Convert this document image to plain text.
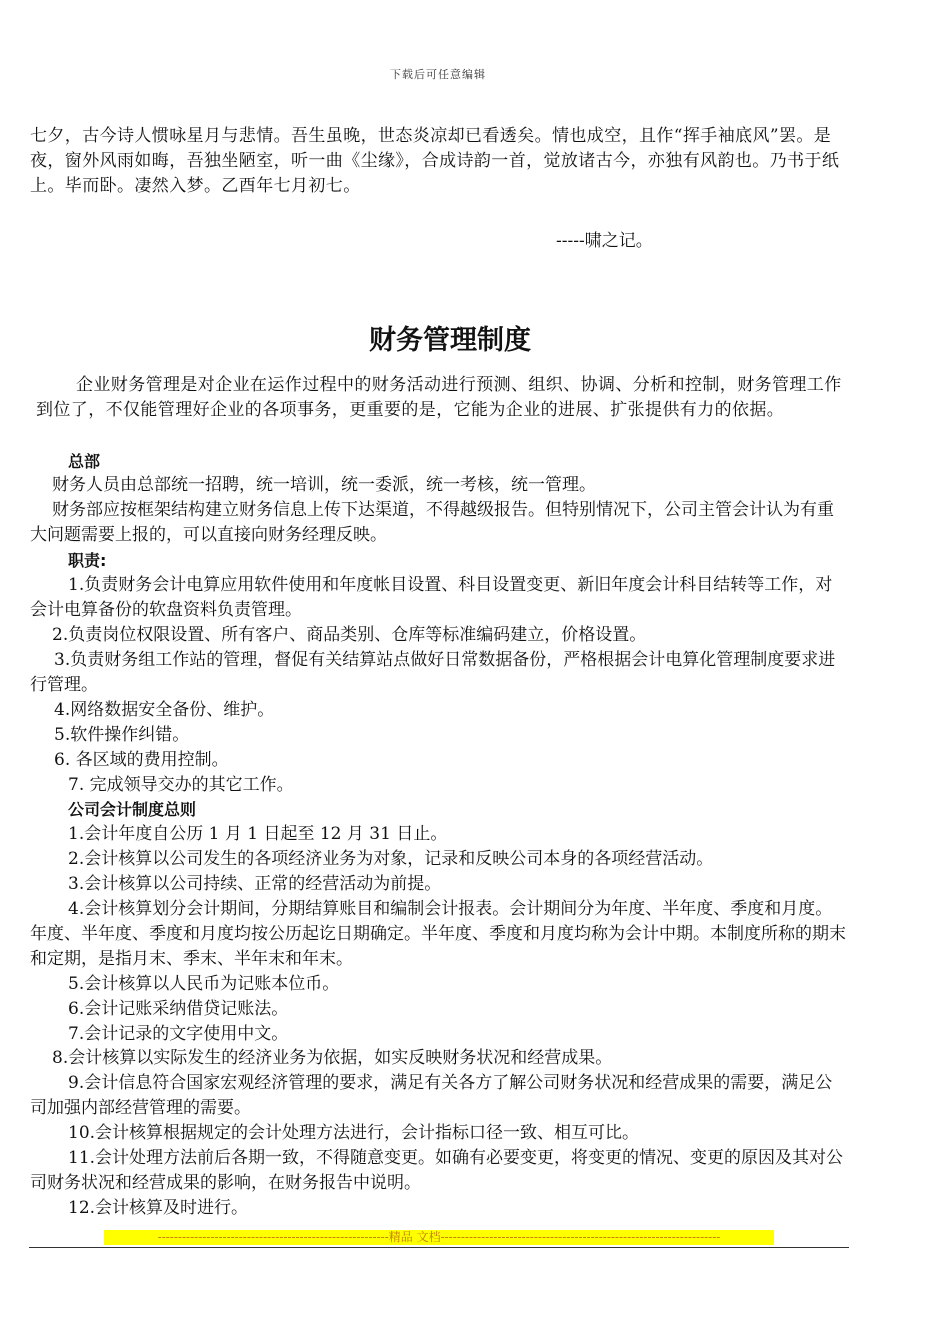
下载后可任意编辑
七夕，古今诗人惯咏星月与悲情。吾生虽晚，世态炎凉却已看透矣。情也成空，且作“挥手袖底风”罢。是夜，窗外风雨如晦，吾独坐陋室，听一曲《尘缘》，合成诗韵一首，觉放诸古今，亦独有风韵也。乃书于纸上。毕而卧。凄然入梦。乙酉年七月初七。
-----啸之记。
财务管理制度
企业财务管理是对企业在运作过程中的财务活动进行预测、组织、协调、分析和控制，财务管理工作到位了，不仅能管理好企业的各项事务，更重要的是，它能为企业的进展、扩张提供有力的依据。
总部
财务人员由总部统一招聘，统一培训，统一委派，统一考核，统一管理。
财务部应按框架结构建立财务信息上传下达渠道，不得越级报告。但特别情况下，公司主管会计认为有重大问题需要上报的，可以直接向财务经理反映。
职责:
1.负责财务会计电算应用软件使用和年度帐目设置、科目设置变更、新旧年度会计科目结转等工作，对会计电算备份的软盘资料负责管理。
2.负责岗位权限设置、所有客户、商品类别、仓库等标准编码建立，价格设置。
3.负责财务组工作站的管理，督促有关结算站点做好日常数据备份，严格根据会计电算化管理制度要求进行管理。
4.网络数据安全备份、维护。
5.软件操作纠错。
6. 各区域的费用控制。
7. 完成领导交办的其它工作。
公司会计制度总则
1.会计年度自公历 1 月 1 日起至 12 月 31 日止。
2.会计核算以公司发生的各项经济业务为对象，记录和反映公司本身的各项经营活动。
3.会计核算以公司持续、正常的经营活动为前提。
4.会计核算划分会计期间，分期结算账目和编制会计报表。会计期间分为年度、半年度、季度和月度。年度、半年度、季度和月度均按公历起讫日期确定。半年度、季度和月度均称为会计中期。本制度所称的期末和定期，是指月末、季末、半年末和年末。
5.会计核算以人民币为记账本位币。
6.会计记账采纳借贷记账法。
7.会计记录的文字使用中文。
8.会计核算以实际发生的经济业务为依据，如实反映财务状况和经营成果。
9.会计信息符合国家宏观经济管理的要求，满足有关各方了解公司财务状况和经营成果的需要，满足公司加强内部经营管理的需要。
10.会计核算根据规定的会计处理方法进行，会计指标口径一致、相互可比。
11.会计处理方法前后各期一致，不得随意变更。如确有必要变更，将变更的情况、变更的原因及其对公司财务状况和经营成果的影响，在财务报告中说明。
12.会计核算及时进行。
---------------------------------------------------------精品 文档---------------------------------------------------------------------
